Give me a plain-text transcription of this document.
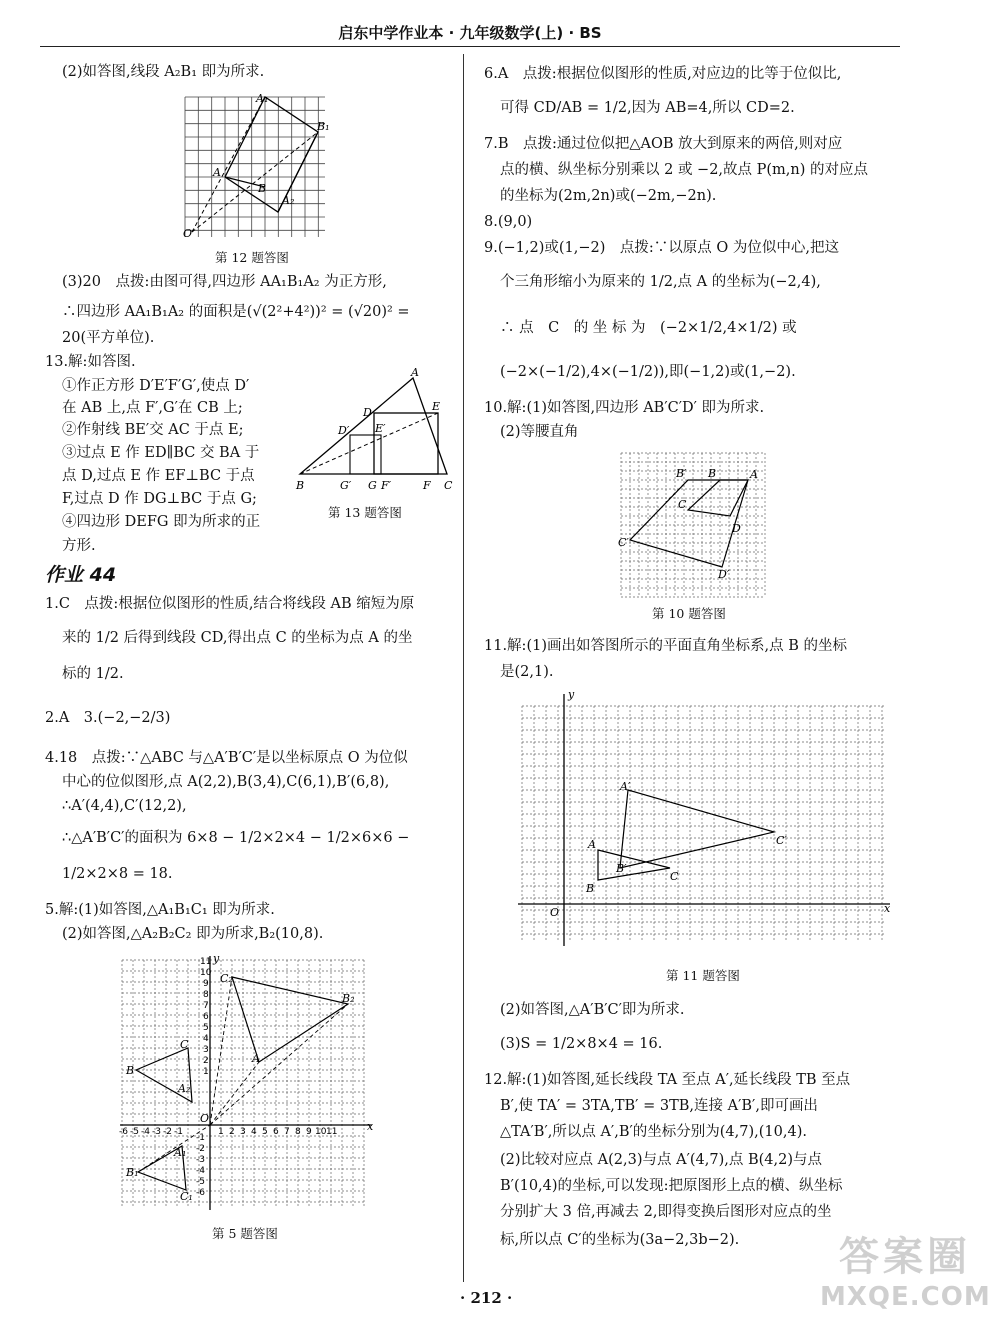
启东中学作业本 · 九年级数学(上) · BS
(2)如答图,线段 A₂B₁ 即为所求.
A₁
B₁
A
B
A₂
O
第 12 题答图
(3)20　点拨:由图可得,四边形 AA₁B₁A₂ 为正方形,
∴四边形 AA₁B₁A₂ 的面积是(√(2²+4²))² = (√20)² =
20(平方单位).
13.解:如答图.
①作正方形 D′E′F′G′,使点 D′
在 AB 上,点 F′,G′在 CB 上;
②作射线 BE′交 AC 于点 E;
③过点 E 作 ED∥BC 交 BA 于
点 D,过点 E 作 EF⊥BC 于点
F,过点 D 作 DG⊥BC 于点 G;
④四边形 DEFG 即为所求的正
方形.
A
D	E
D′ E′
B	G′ G F′	F C
第 13 题答图
作业 44
1.C　点拨:根据位似图形的性质,结合将线段 AB 缩短为原
来的 1/2 后得到线段 CD,得出点 C 的坐标为点 A 的坐
标的 1/2.
2.A　3.(−2,−2/3)
4.18　点拨:∵△ABC 与△A′B′C′是以坐标原点 O 为位似
中心的位似图形,点 A(2,2),B(3,4),C(6,1),B′(6,8),
∴A′(4,4),C′(12,2),
∴△A′B′C′的面积为 6×8 − 1/2×2×4 − 1/2×6×6 −
1/2×2×8 = 18.
5.解:(1)如答图,△A₁B₁C₁ 即为所求.
(2)如答图,△A₂B₂C₂ 即为所求,B₂(10,8).
-6 -5 -4 -3 -2 -1	1 2 3 4 5 6 7 8 9 10 11
11
10
9
8
7
6
5
4
3
2
1
-1
-2
-3
-4
-5
-6
y
x
O
C₂
B₂
C
A
B
A₂
A₁
B₁
C₁
第 5 题答图
6.A　点拨:根据位似图形的性质,对应边的比等于位似比,
可得 CD/AB = 1/2,因为 AB=4,所以 CD=2.
7.B　点拨:通过位似把△AOB 放大到原来的两倍,则对应
点的横、纵坐标分别乘以 2 或 −2,故点 P(m,n) 的对应点
的坐标为(2m,2n)或(−2m,−2n).
8.(9,0)
9.(−1,2)或(1,−2)　点拨:∵以原点 O 为位似中心,把这
个三角形缩小为原来的 1/2,点 A 的坐标为(−2,4),
∴ 点　C　的 坐 标 为　(−2×1/2,4×1/2) 或
(−2×(−1/2),4×(−1/2)),即(−1,2)或(1,−2).
10.解:(1)如答图,四边形 AB′C′D′ 即为所求.
(2)等腰直角
B′ B	A
C
C′
D
D′
第 10 题答图
11.解:(1)画出如答图所示的平面直角坐标系,点 B 的坐标
是(2,1).
y
x
O
A′
C′
A
B′
C
B
第 11 题答图
(2)如答图,△A′B′C′即为所求.
(3)S = 1/2×8×4 = 16.
12.解:(1)如答图,延长线段 TA 至点 A′,延长线段 TB 至点
B′,使 TA′ = 3TA,TB′ = 3TB,连接 A′B′,即可画出
△TA′B′,所以点 A′,B′的坐标分别为(4,7),(10,4).
(2)比较对应点 A(2,3)与点 A′(4,7),点 B(4,2)与点
B′(10,4)的坐标,可以发现:把原图形上点的横、纵坐标
分别扩大 3 倍,再减去 2,即得变换后图形对应点的坐
标,所以点 C′的坐标为(3a−2,3b−2).
· 212 ·
答案圈
MXQE.COM
